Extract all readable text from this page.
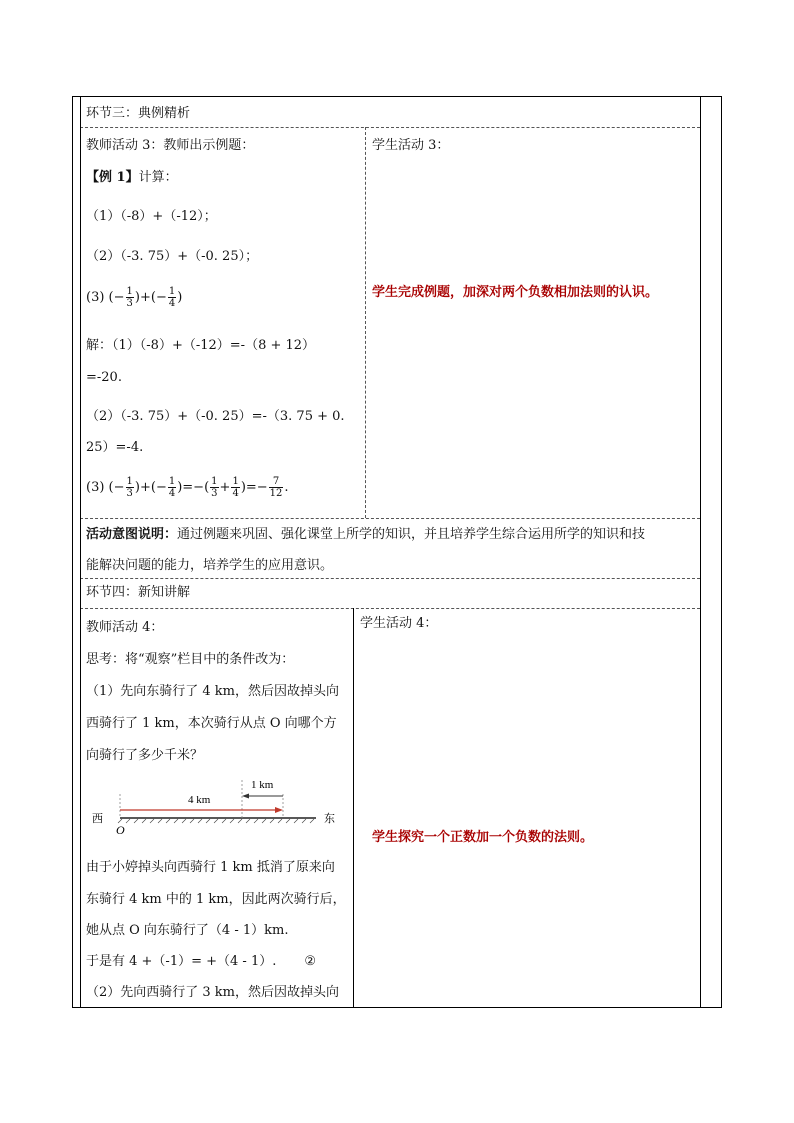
环节三：典例精析
教师活动 3：教师出示例题：
【例 1】计算：
（1）（-8）+（-12）；
（2）（-3. 75）+（-0. 25）；
(3) (− $\frac{1}{3}$ )+(− $\frac{1}{4}$ )
解：（1）（-8）+（-12）=-（8 + 12）
=-20.
（2）（-3. 75）+（-0. 25）=-（3. 75 + 0.
25）=-4.
(3) (− $\frac{1}{3}$ )+(− $\frac{1}{4}$ )=−( $\frac{1}{3} + \frac{1}{4}$ )=− $\frac{7}{12}$ .
学生活动 3：
学生完成例题，加深对两个负数相加法则的认识。
活动意图说明：通过例题来巩固、强化课堂上所学的知识，并且培养学生综合运用所学的知识和技
能解决问题的能力，培养学生的应用意识。
环节四：新知讲解
教师活动 4：
思考：将“观察”栏目中的条件改为：
（1）先向东骑行了 4 km，然后因故掉头向
西骑行了 1 km，本次骑行从点 O 向哪个方
向骑行了多少千米？
1 km
4 km
西	东
O
由于小婷掉头向西骑行 1 km 抵消了原来向
东骑行 4 km 中的 1 km，因此两次骑行后，
她从点 O 向东骑行了（4 - 1）km.
于是有 4 +（-1）= +（4 - 1）. ②
（2）先向西骑行了 3 km，然后因故掉头向
学生活动 4：
学生探究一个正数加一个负数的法则。
